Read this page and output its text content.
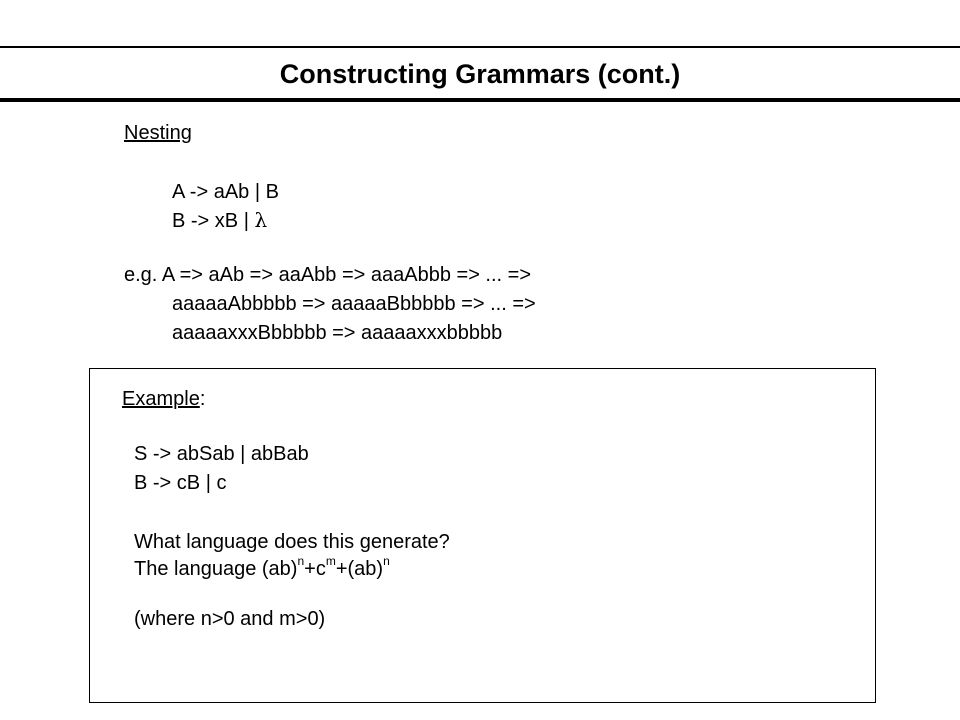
Constructing Grammars (cont.)
Nesting
A -> aAb | B
B -> xB | λ
e.g. A => aAb => aaAbb => aaaAbbb => ... =>
aaaaaAbbbbb => aaaaaBbbbbb => ... =>
aaaaaxxxBbbbbb => aaaaaxxxbbbbb
Example:
S -> abSab | abBab
B -> cB | c
What language does this generate?
The language $(ab)^n+c^m+(ab)^n$
(where n>0 and m>0)
